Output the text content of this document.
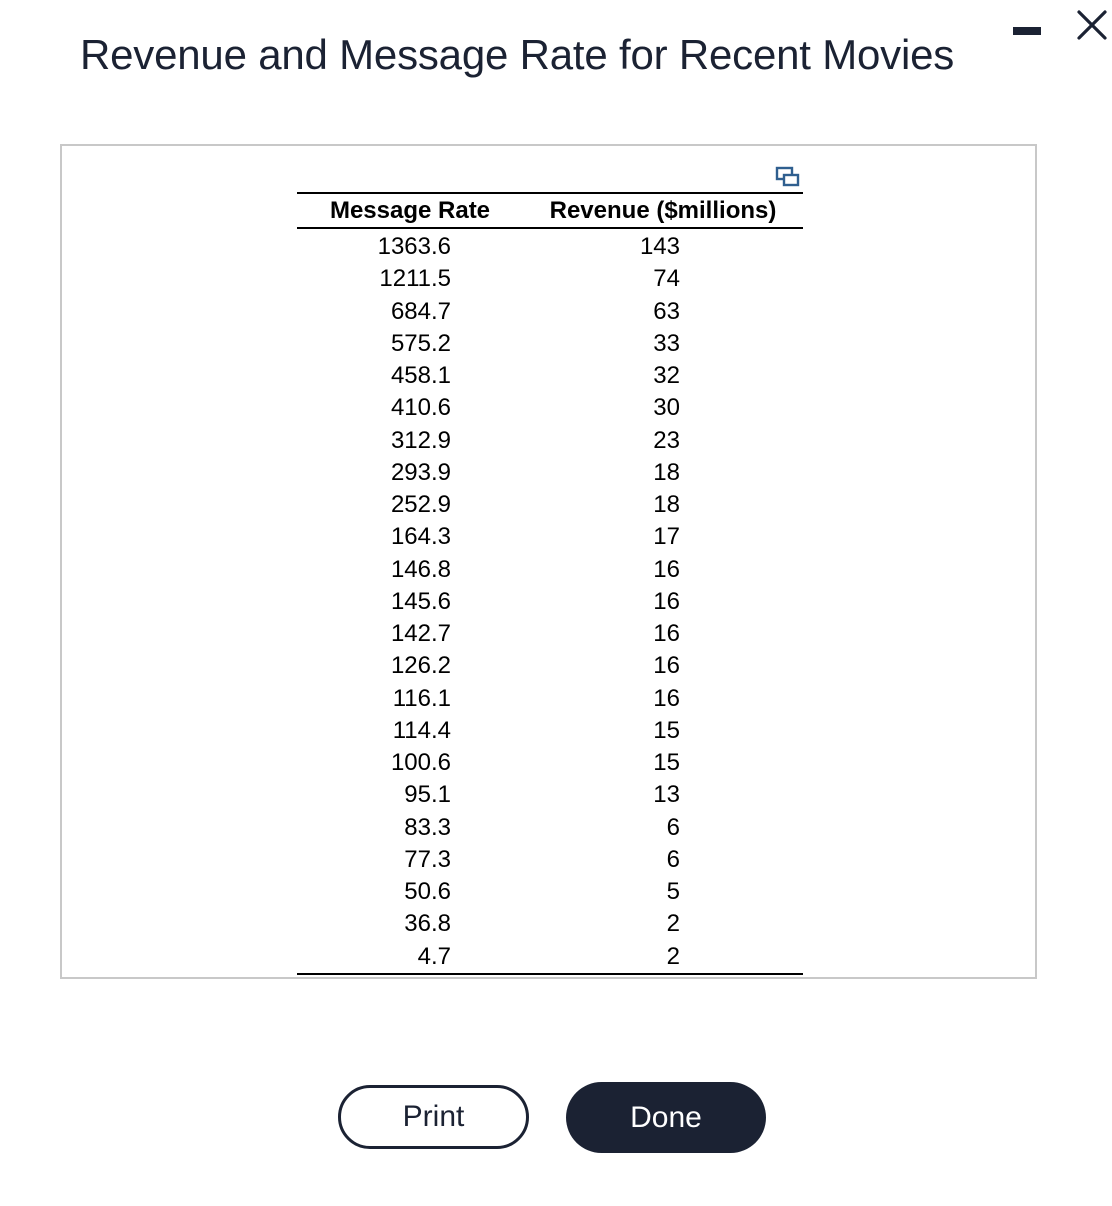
Revenue and Message Rate for Recent Movies
Message Rate	Revenue ($millions)
1363.6	143
1211.5	74
684.7	63
575.2	33
458.1	32
410.6	30
312.9	23
293.9	18
252.9	18
164.3	17
146.8	16
145.6	16
142.7	16
126.2	16
116.1	16
114.4	15
100.6	15
95.1	13
83.3	6
77.3	6
50.6	5
36.8	2
4.7	2
Print	Done
